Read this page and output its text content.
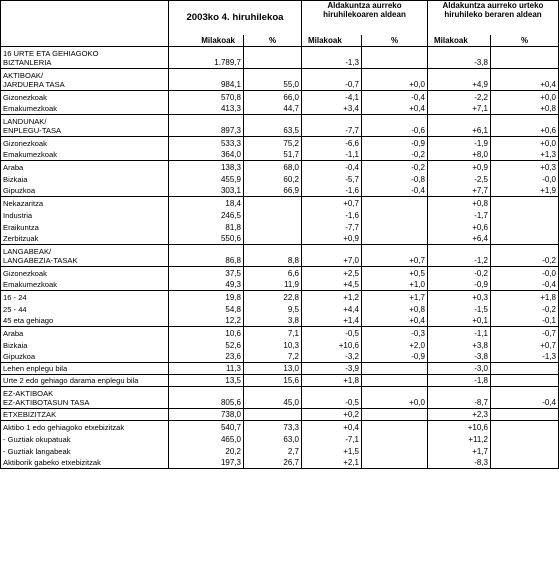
	2003ko 4. hiruhilekoa		Aldakuntza aurreko hiruhilekoaren aldean		Aldakuntza aurreko urteko hiruhileko beraren aldean	
	Milakoak	%	Milakoak	%	Milakoak	%
16 URTE ETA GEHIAGOKO
BIZTANLERIA	1.789,7		-1,3		-3,8	
AKTIBOAK/
JARDUERA TASA	984,1	55,0	-0,7	+0,0	+4,9	+0,4
Gizonezkoak	570,8	66,0	-4,1	-0,4	-2,2	+0,0
Emakumezkoak	413,3	44,7	+3,4	+0,4	+7,1	+0,8
LANDUNAK/
ENPLEGU-TASA	897,3	63,5	-7,7	-0,6	+6,1	+0,6
Gizonezkoak	533,3	75,2	-6,6	-0,9	-1,9	+0,0
Emakumezkoak	364,0	51,7	-1,1	-0,2	+8,0	+1,3
Araba	138,3	68,0	-0,4	-0,2	+0,9	+0,3
Bizkaia	455,9	60,2	-5,7	-0,8	-2,5	-0,0
Gipuzkoa	303,1	66,9	-1,6	-0,4	+7,7	+1,9
Nekazaritza	18,4		+0,7		+0,8	
Industria	246,5		-1,6		-1,7	
Eraikuntza	81,8		-7,7		+0,6	
Zerbitzuak	550,6		+0,9		+6,4	
LANGABEAK/
LANGABEZIA-TASAK	86,8	8,8	+7,0	+0,7	-1,2	-0,2
Gizonezkoak	37,5	6,6	+2,5	+0,5	-0,2	-0,0
Emakumezkoak	49,3	11,9	+4,5	+1,0	-0,9	-0,4
16 - 24	19,8	22,8	+1,2	+1,7	+0,3	+1,8
25 - 44	54,8	9,5	+4,4	+0,8	-1,5	-0,2
45 eta gehiago	12,2	3,8	+1,4	+0,4	+0,1	-0,1
Araba	10,6	7,1	-0,5	-0,3	-1,1	-0,7
Bizkaia	52,6	10,3	+10,6	+2,0	+3,8	+0,7
Gipuzkoa	23,6	7,2	-3,2	-0,9	-3,8	-1,3
Lehen enplegu bila	11,3	13,0	-3,9		-3,0	
Urte 2 edo gehiago darama enplegu bila	13,5	15,6	+1,8		-1,8	
EZ-AKTIBOAK
EZ-AKTIBOTASUN TASA	805,6	45,0	-0,5	+0,0	-8,7	-0,4
ETXEBIZITZAK	738,0		+0,2		+2,3	
Aktibo 1 edo gehiagoko etxebizitzak	540,7	73,3	+0,4		+10,6	
- Guztiak okupatuak	465,0	63,0	-7,1		+11,2	
- Guztiak langabeak	20,2	2,7	+1,5		+1,7	
Aktiborik gabeko etxebizitzak	197,3	26,7	+2,1		-8,3	
